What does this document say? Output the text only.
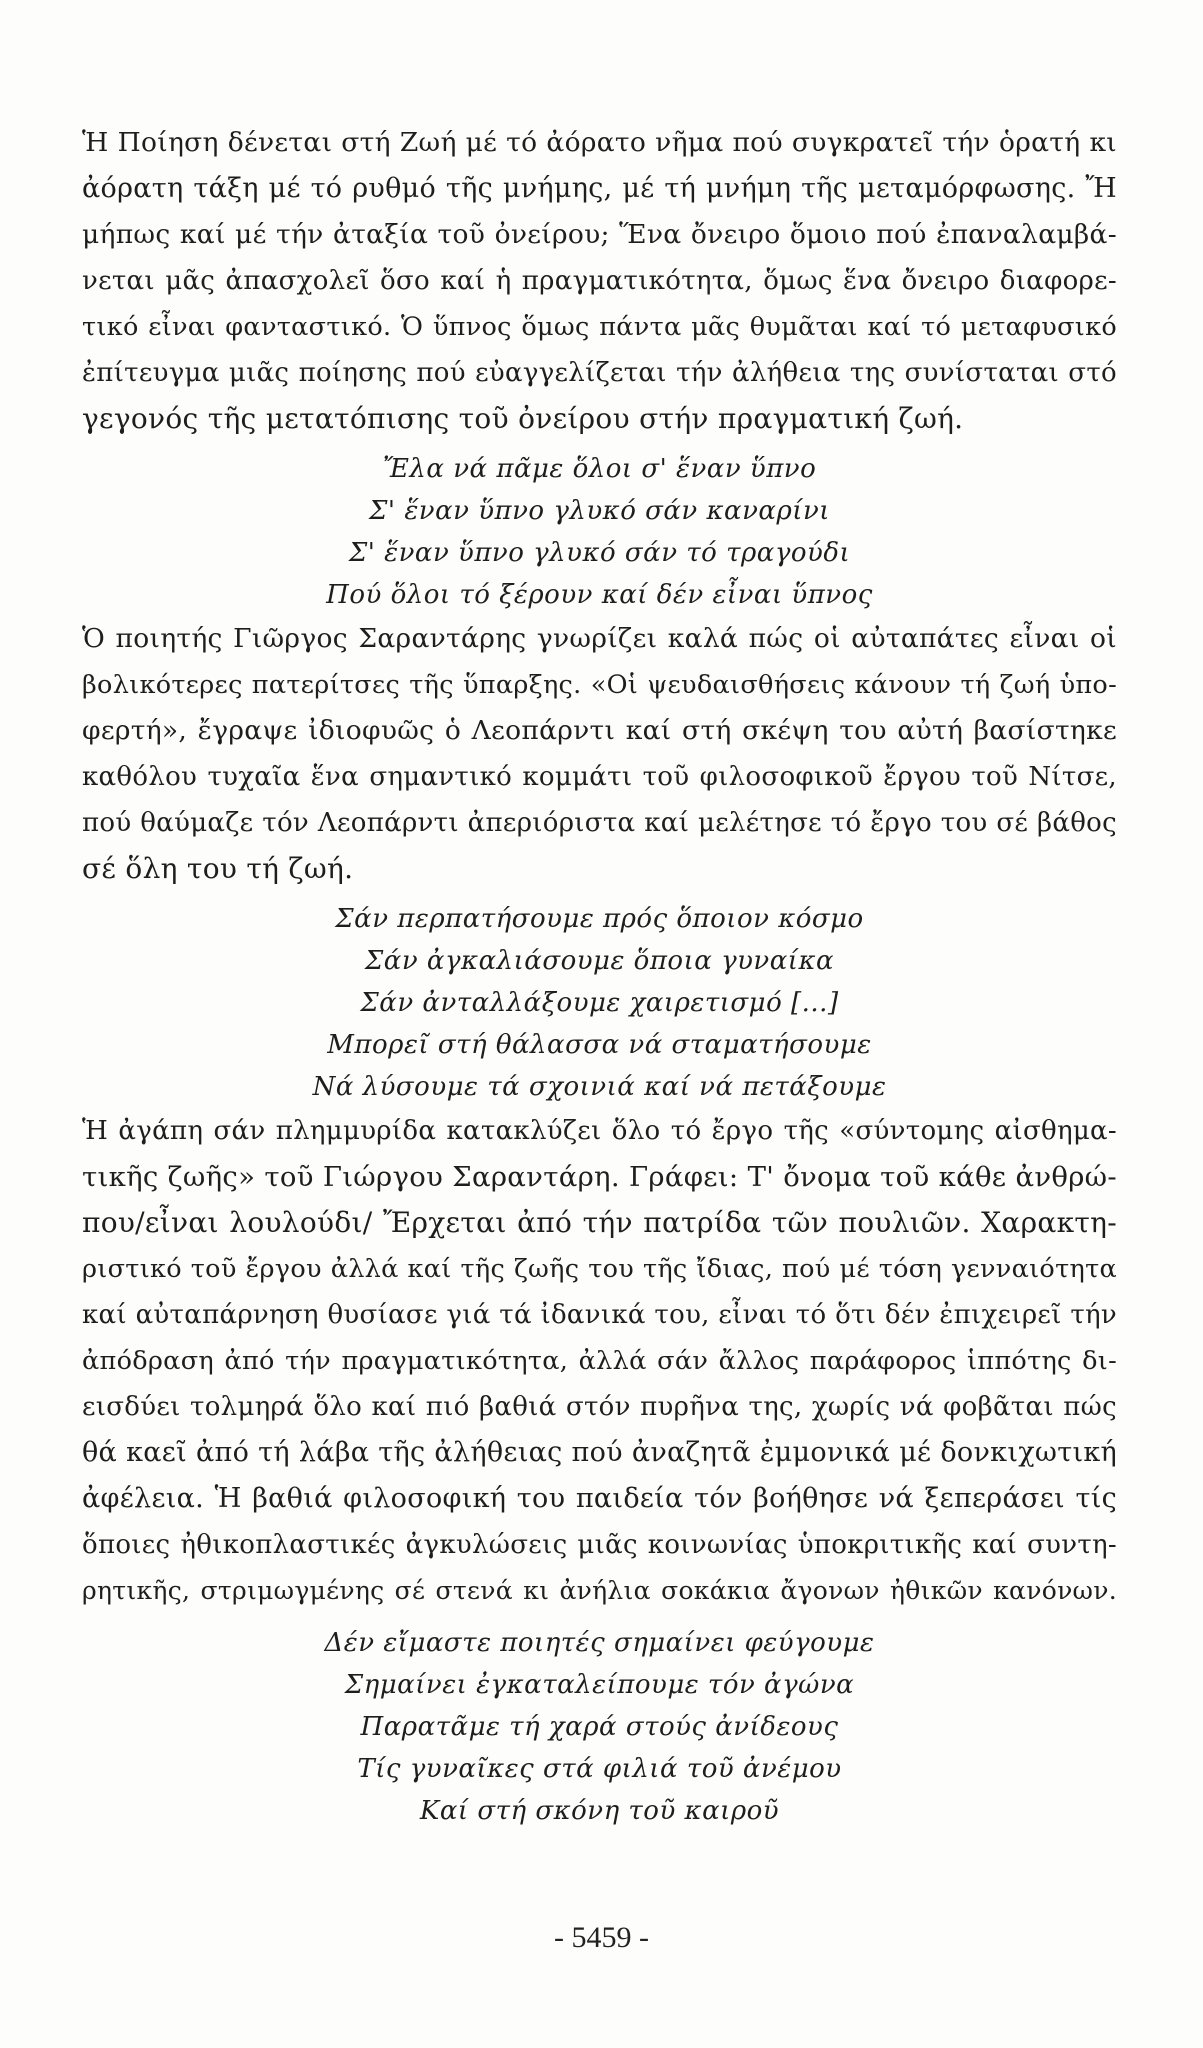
Ἡ Ποίηση δένεται στή Ζωή μέ τό ἀόρατο νῆμα πού συγκρατεῖ τήν ὁρατή κι
ἀόρατη τάξη μέ τό ρυθμό τῆς μνήμης, μέ τή μνήμη τῆς μεταμόρφωσης. Ἤ
μήπως καί μέ τήν ἀταξία τοῦ ὀνείρου; Ἕνα ὄνειρο ὅμοιο πού ἐπαναλαμβά-
νεται μᾶς ἀπασχολεῖ ὅσο καί ἡ πραγματικότητα, ὅμως ἕνα ὄνειρο διαφορε-
τικό εἶναι φανταστικό. Ὁ ὕπνος ὅμως πάντα μᾶς θυμᾶται καί τό μεταφυσικό
ἐπίτευγμα μιᾶς ποίησης πού εὐαγγελίζεται τήν ἀλήθεια της συνίσταται στό
γεγονός τῆς μετατόπισης τοῦ ὀνείρου στήν πραγματική ζωή.
Ἔλα νά πᾶμε ὅλοι σ' ἕναν ὕπνο
Σ' ἕναν ὕπνο γλυκό σάν καναρίνι
Σ' ἕναν ὕπνο γλυκό σάν τό τραγούδι
Πού ὅλοι τό ξέρουν καί δέν εἶναι ὕπνος
Ὁ ποιητής Γιῶργος Σαραντάρης γνωρίζει καλά πώς οἱ αὐταπάτες εἶναι οἱ
βολικότερες πατερίτσες τῆς ὕπαρξης. «Οἱ ψευδαισθήσεις κάνουν τή ζωή ὑπο-
φερτή», ἔγραψε ἰδιοφυῶς ὁ Λεοπάρντι καί στή σκέψη του αὐτή βασίστηκε
καθόλου τυχαῖα ἕνα σημαντικό κομμάτι τοῦ φιλοσοφικοῦ ἔργου τοῦ Νίτσε,
πού θαύμαζε τόν Λεοπάρντι ἀπεριόριστα καί μελέτησε τό ἔργο του σέ βάθος
σέ ὅλη του τή ζωή.
Σάν περπατήσουμε πρός ὅποιον κόσμο
Σάν ἀγκαλιάσουμε ὅποια γυναίκα
Σάν ἀνταλλάξουμε χαιρετισμό [...]
Μπορεῖ στή θάλασσα νά σταματήσουμε
Νά λύσουμε τά σχοινιά καί νά πετάξουμε
Ἡ ἀγάπη σάν πλημμυρίδα κατακλύζει ὅλο τό ἔργο τῆς «σύντομης αἰσθημα-
τικῆς ζωῆς» τοῦ Γιώργου Σαραντάρη. Γράφει: Τ' ὄνομα τοῦ κάθε ἀνθρώ-
που/εἶναι λουλούδι/ Ἔρχεται ἀπό τήν πατρίδα τῶν πουλιῶν. Χαρακτη-
ριστικό τοῦ ἔργου ἀλλά καί τῆς ζωῆς του τῆς ἴδιας, πού μέ τόση γενναιότητα
καί αὐταπάρνηση θυσίασε γιά τά ἰδανικά του, εἶναι τό ὅτι δέν ἐπιχειρεῖ τήν
ἀπόδραση ἀπό τήν πραγματικότητα, ἀλλά σάν ἄλλος παράφορος ἱππότης δι-
εισδύει τολμηρά ὅλο καί πιό βαθιά στόν πυρῆνα της, χωρίς νά φοβᾶται πώς
θά καεῖ ἀπό τή λάβα τῆς ἀλήθειας πού ἀναζητᾶ ἐμμονικά μέ δονκιχωτική
ἀφέλεια. Ἡ βαθιά φιλοσοφική του παιδεία τόν βοήθησε νά ξεπεράσει τίς
ὅποιες ἠθικοπλαστικές ἀγκυλώσεις μιᾶς κοινωνίας ὑποκριτικῆς καί συντη-
ρητικῆς, στριμωγμένης σέ στενά κι ἀνήλια σοκάκια ἄγονων ἠθικῶν κανόνων.
Δέν εἴμαστε ποιητές σημαίνει φεύγουμε
Σημαίνει ἐγκαταλείπουμε τόν ἀγώνα
Παρατᾶμε τή χαρά στούς ἀνίδεους
Τίς γυναῖκες στά φιλιά τοῦ ἀνέμου
Καί στή σκόνη τοῦ καιροῦ
- 5459 -
